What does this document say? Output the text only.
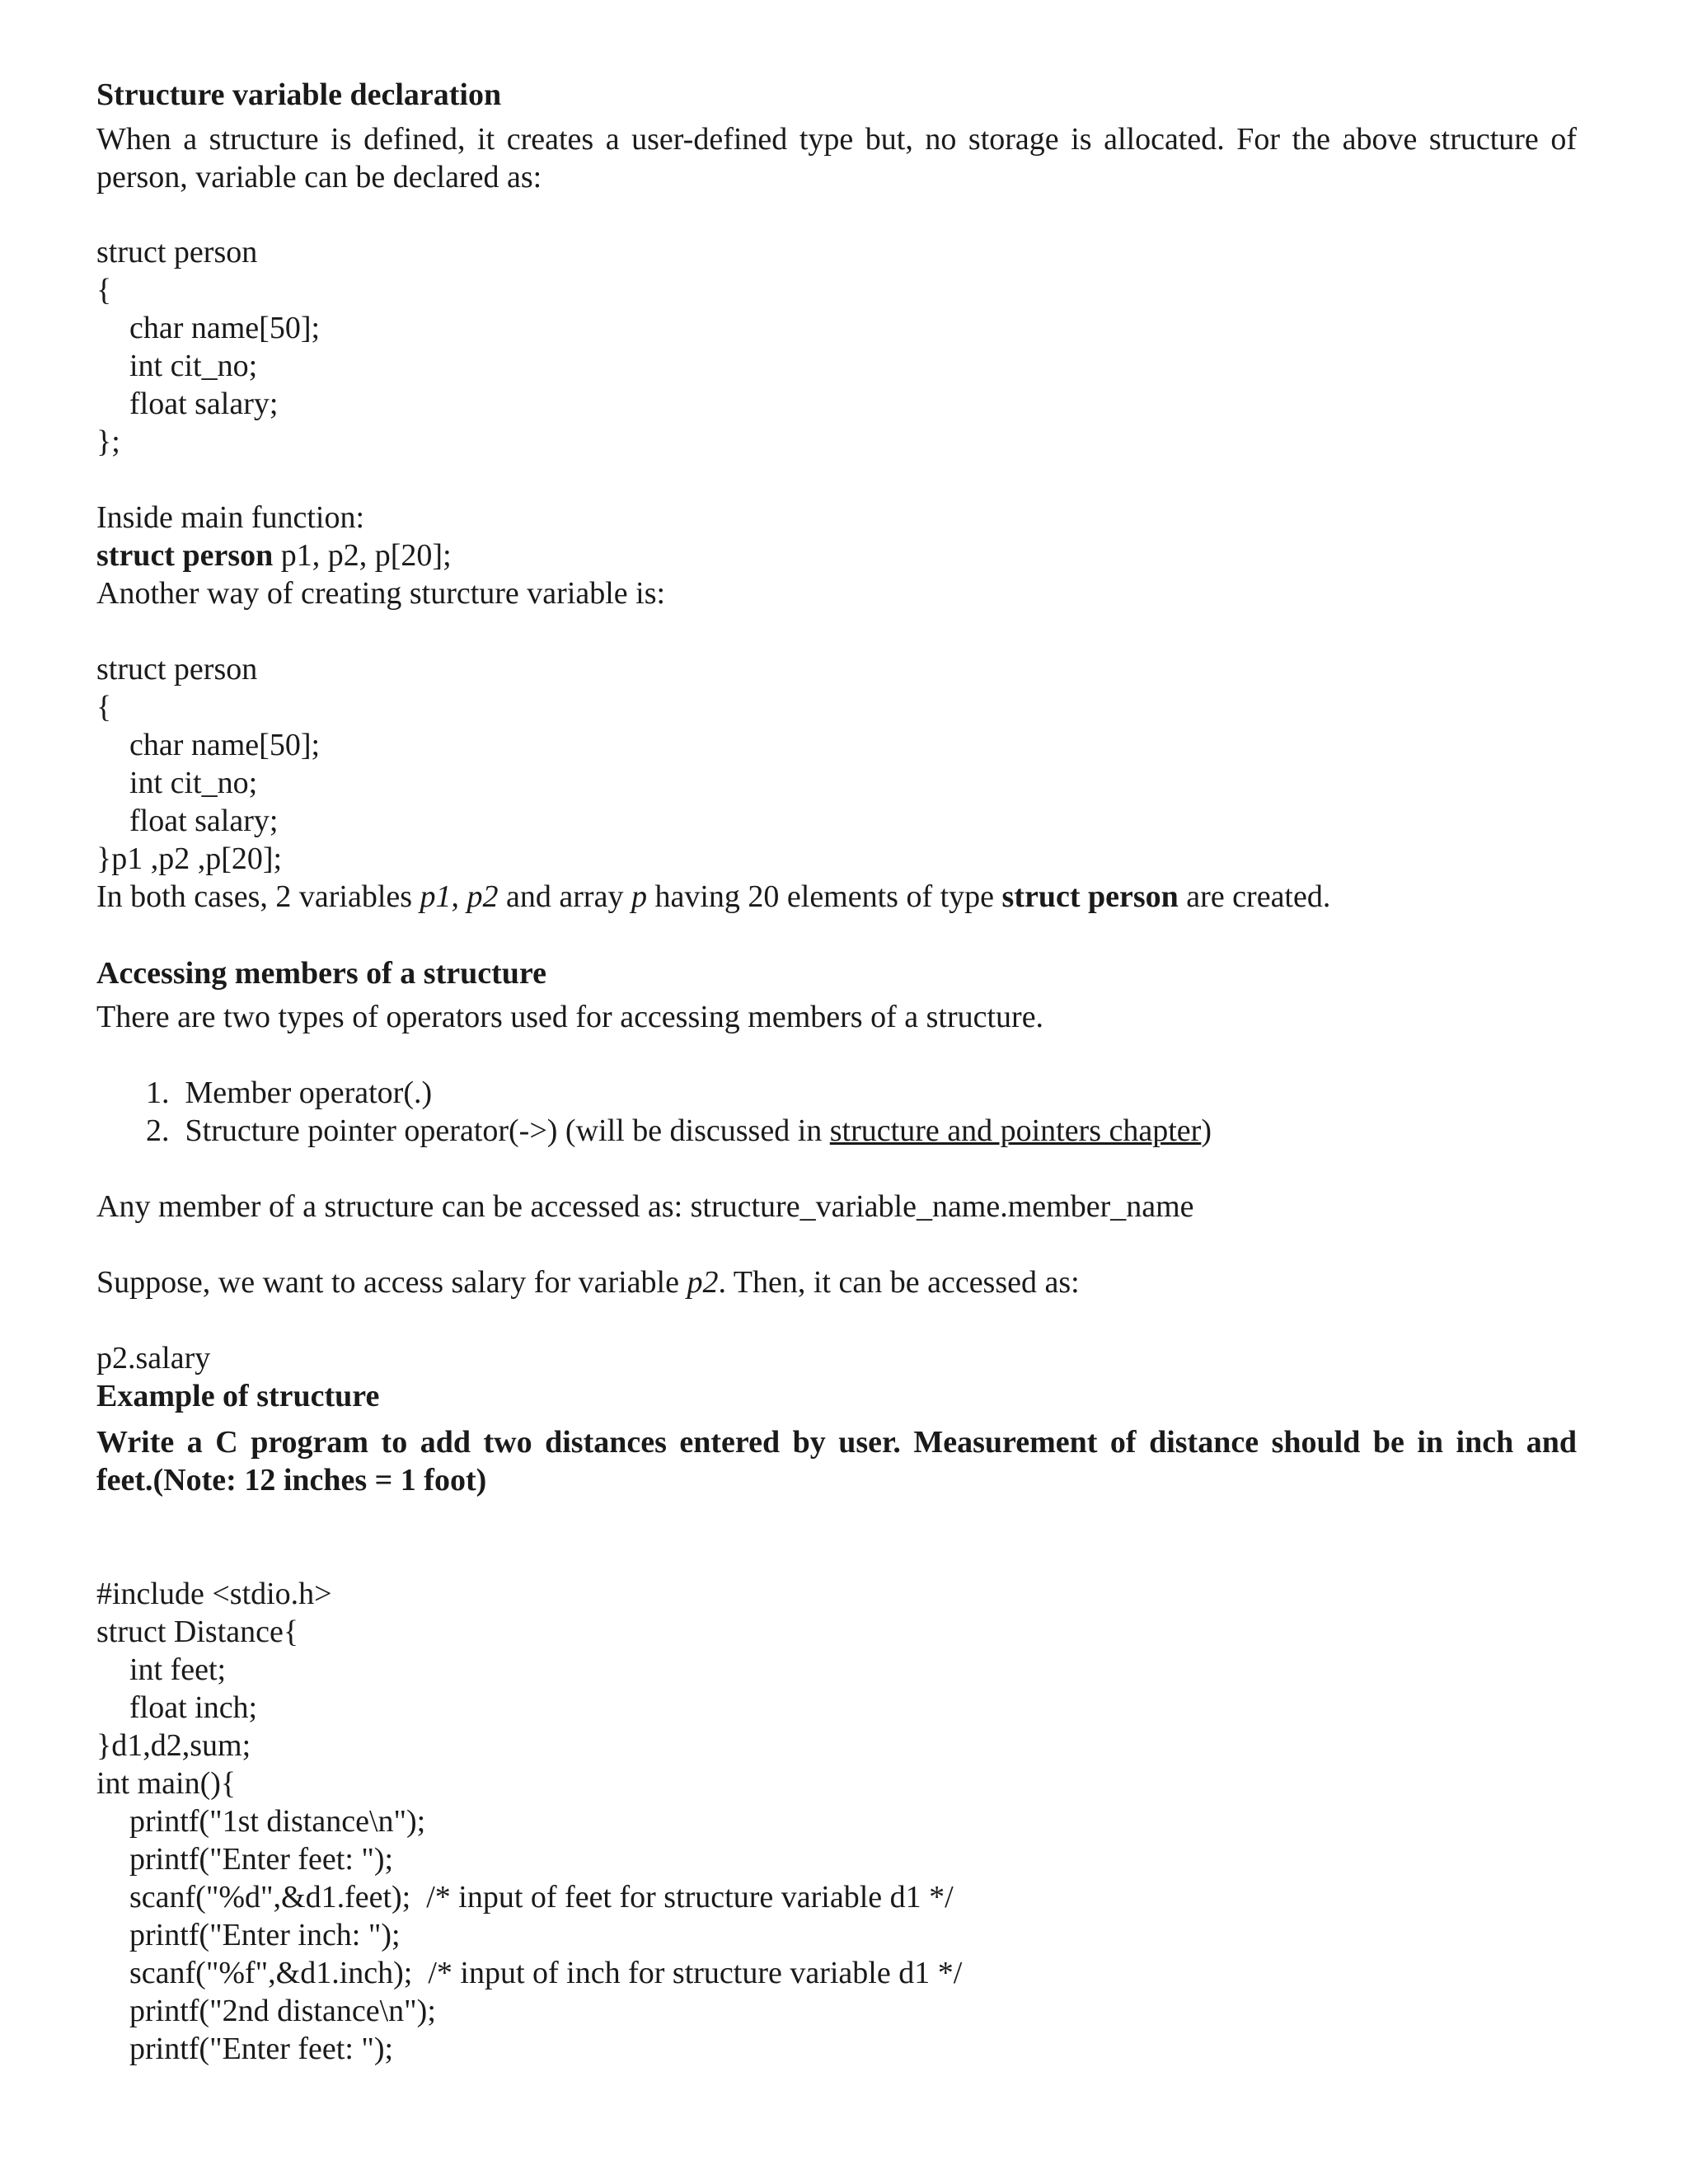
Structure variable declaration
When a structure is defined, it creates a user-defined type but, no storage is allocated. For the above structure of
person, variable can be declared as:
struct person
{
char name[50];
int cit_no;
float salary;
};
Inside main function:
struct person p1, p2, p[20];
Another way of creating sturcture variable is:
struct person
{
char name[50];
int cit_no;
float salary;
}p1 ,p2 ,p[20];
In both cases, 2 variables p1, p2 and array p having 20 elements of type struct person are created.
Accessing members of a structure
There are two types of operators used for accessing members of a structure.
1.  Member operator(.)
2.  Structure pointer operator(->) (will be discussed in structure and pointers chapter)
Any member of a structure can be accessed as: structure_variable_name.member_name
Suppose, we want to access salary for variable p2. Then, it can be accessed as:
p2.salary
Example of structure
Write a C program to add two distances entered by user. Measurement of distance should be in inch and
feet.(Note: 12 inches = 1 foot)
#include <stdio.h>
struct Distance{
int feet;
float inch;
}d1,d2,sum;
int main(){
printf("1st distance\n");
printf("Enter feet: ");
scanf("%d",&d1.feet);  /* input of feet for structure variable d1 */
printf("Enter inch: ");
scanf("%f",&d1.inch);  /* input of inch for structure variable d1 */
printf("2nd distance\n");
printf("Enter feet: ");
